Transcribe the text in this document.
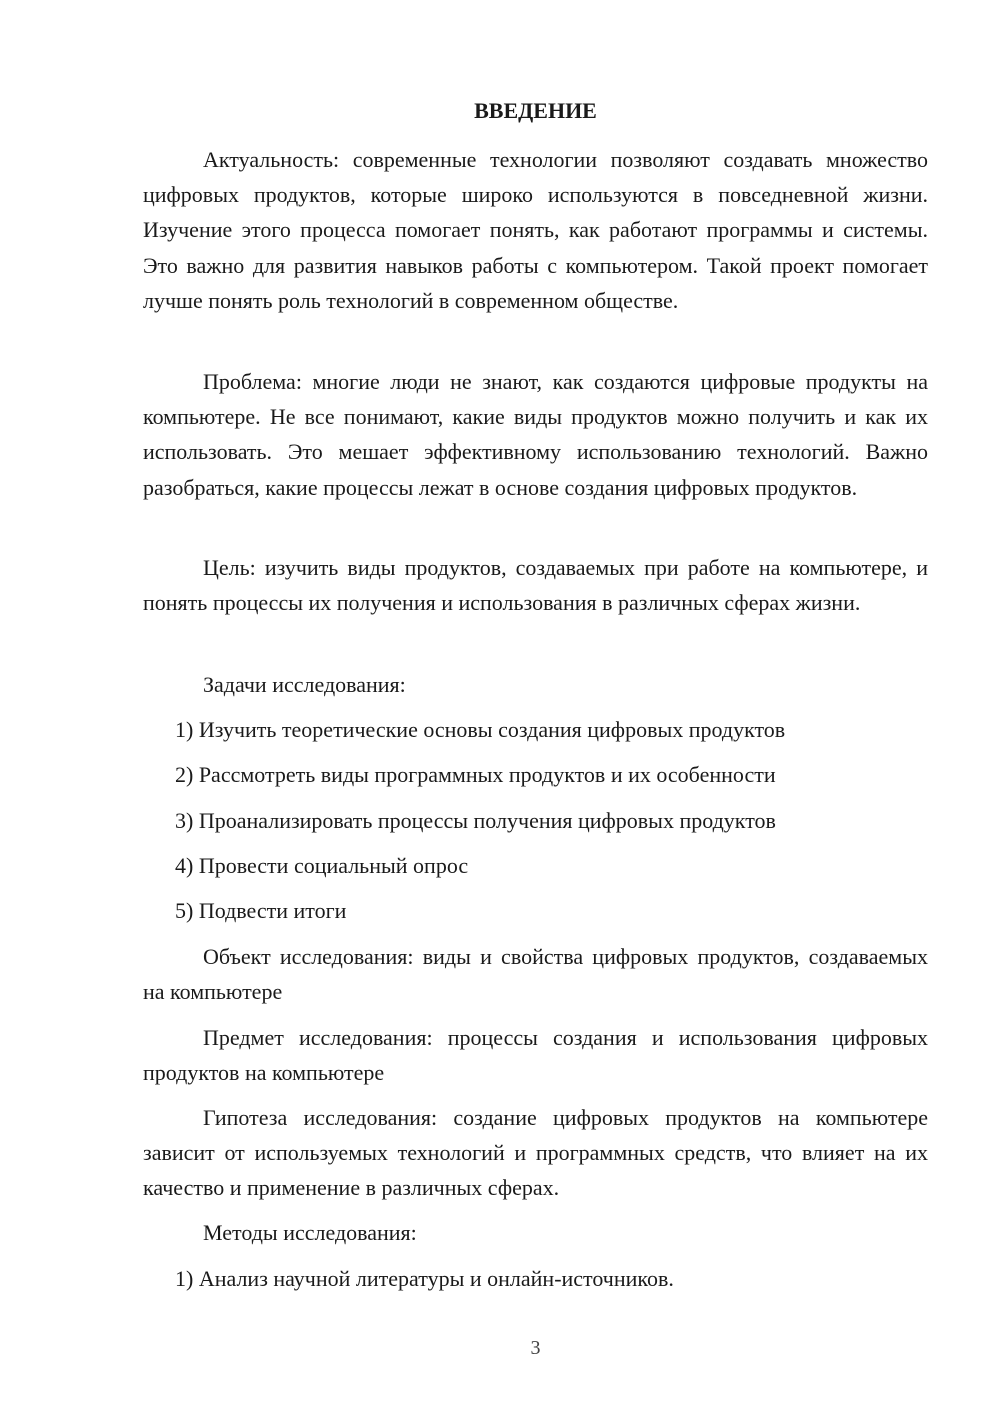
ВВЕДЕНИЕ

Актуальность: современные технологии позволяют создавать множество цифровых продуктов, которые широко используются в повседневной жизни. Изучение этого процесса помогает понять, как работают программы и системы. Это важно для развития навыков работы с компьютером. Такой проект помогает лучше понять роль технологий в современном обществе.

Проблема: многие люди не знают, как создаются цифровые продукты на компьютере. Не все понимают, какие виды продуктов можно получить и как их использовать. Это мешает эффективному использованию технологий. Важно разобраться, какие процессы лежат в основе создания цифровых продуктов.

Цель: изучить виды продуктов, создаваемых при работе на компьютере, и понять процессы их получения и использования в различных сферах жизни.

Задачи исследования:

1) Изучить теоретические основы создания цифровых продуктов

2) Рассмотреть виды программных продуктов и их особенности

3) Проанализировать процессы получения цифровых продуктов

4) Провести социальный опрос

5) Подвести итоги

Объект исследования: виды и свойства цифровых продуктов, создаваемых на компьютере

Предмет исследования: процессы создания и использования цифровых продуктов на компьютере

Гипотеза исследования: создание цифровых продуктов на компьютере зависит от используемых технологий и программных средств, что влияет на их качество и применение в различных сферах.

Методы исследования:

1) Анализ научной литературы и онлайн-источников.

3
